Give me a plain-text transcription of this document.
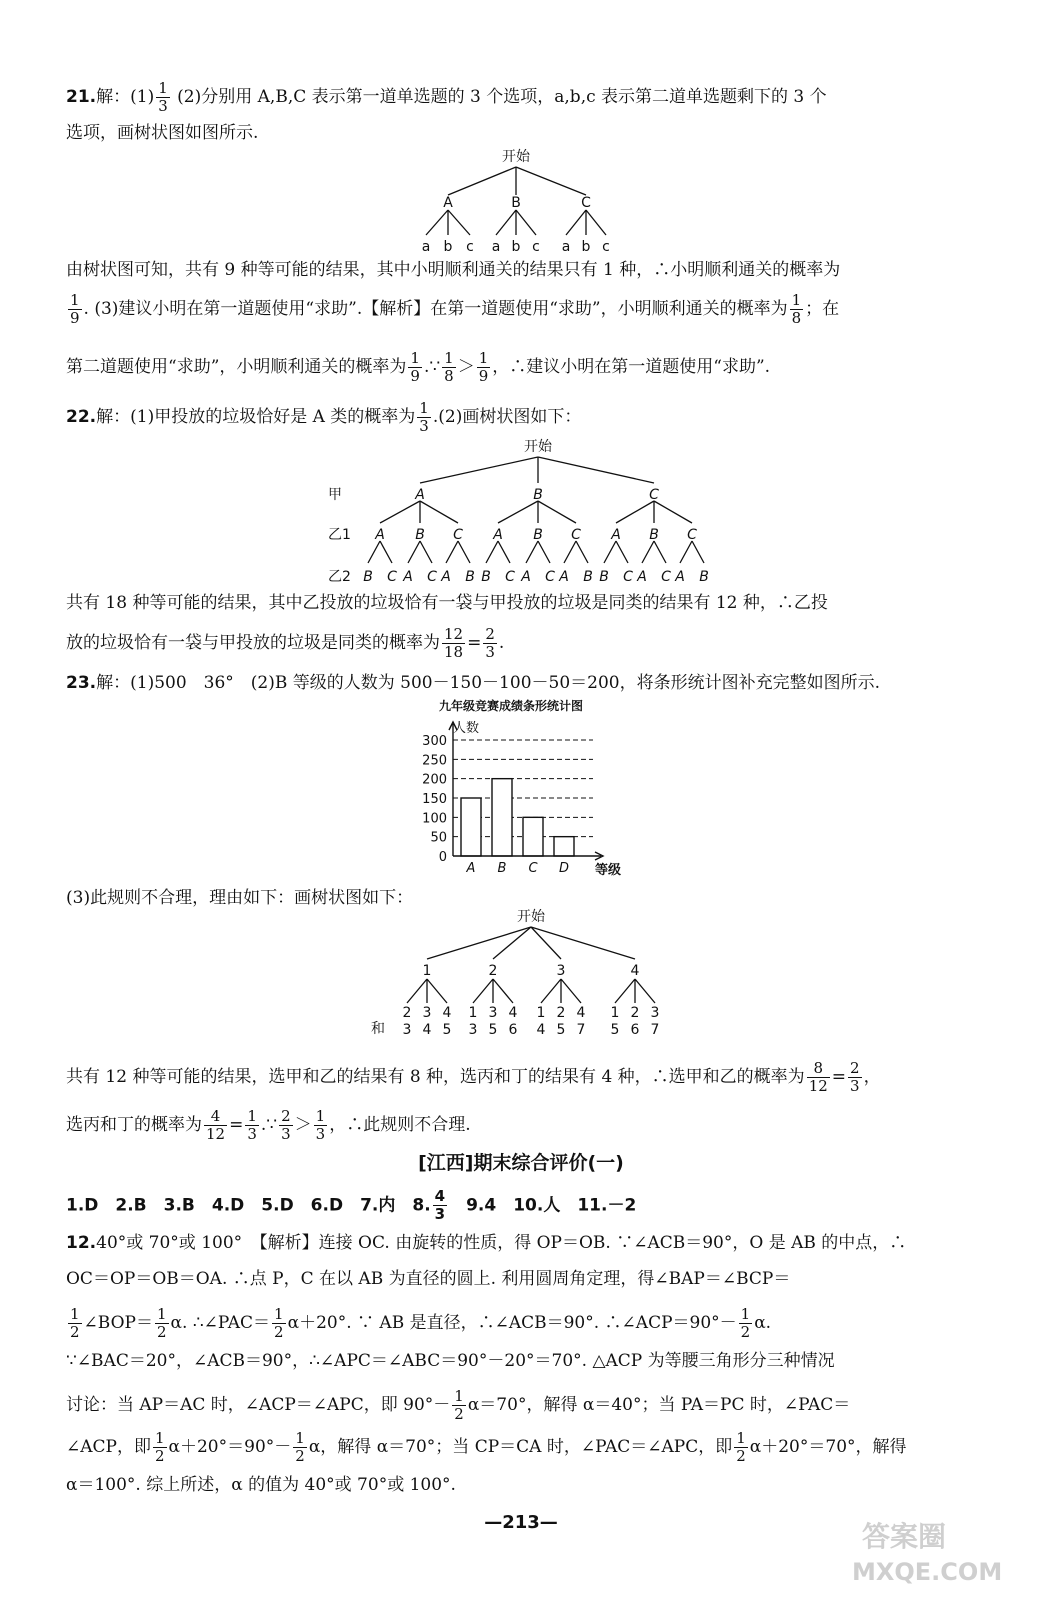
21.解：$(1) \frac{1}{3} (2)$分别用 A,B,C 表示第一道单选题的 3 个选项，a,b,c 表示第二道单选题剩下的 3 个
选项，画树状图如图所示.
开始
A	B	C
a b c a b c a b c
由树状图可知，共有 9 种等可能的结果，其中小明顺利通关的结果只有 1 种，∴小明顺利通关的概率为
$\frac{1}{9}$ . (3)建议小明在第一道题使用“求助”.【解析】在第一道题使用“求助”，小明顺利通关的概率为 $\frac{1}{8}$ ；在
第二道题使用“求助”，小明顺利通关的概率为 $\frac{1}{9}$ .∵ $\frac{1}{8} > \frac{1}{9}$ ，∴建议小明在第一道题使用“求助”.
22.解：(1)甲投放的垃圾恰好是 A 类的概率为 $\frac{1}{3} .(2)$画树状图如下：
开始
甲
乙1
乙2
A	B	C
A B C A B C A B C
B C A C A B B C A C A B B C A C A B
共有 18 种等可能的结果，其中乙投放的垃圾恰有一袋与甲投放的垃圾是同类的结果有 12 种，∴乙投
放的垃圾恰有一袋与甲投放的垃圾是同类的概率为 $\frac{12}{18} = \frac{2}{3}$ .
23.解：(1)500　36°　(2)B 等级的人数为 500－150－100－50＝200，将条形统计图补充完整如图所示.
九年级竞赛成绩条形统计图
人数
等级
0
50
100
150
200
250
300
A B C D
(3)此规则不合理，理由如下：画树状图如下：
开始
1	2	3	4
2 3 4 1 3 4 1 2 4 1 2 3
3 4 5 3 5 6 4 5 7 5 6 7
和
共有 12 种等可能的结果，选甲和乙的结果有 8 种，选丙和丁的结果有 4 种，∴选甲和乙的概率为 $\frac{8}{12} = \frac{2}{3}$ ，
选丙和丁的概率为 $\frac{4}{12} = \frac{1}{3}$ .∵ $\frac{2}{3} > \frac{1}{3}$ ，∴此规则不合理.
[江西]期末综合评价(一)
1.D　2.B　3.B　4.D　5.D　6.D　7.内　8. $\frac{4}{3}$
　 9.4　10.人　11.－2
12.40°或 70°或 100°　【解析】连接 OC. 由旋转的性质，得 OP＝OB. ∵∠ACB＝90°，O 是 AB 的中点，∴
OC＝OP＝OB＝OA. ∴点 P，C 在以 AB 为直径的圆上. 利用圆周角定理，得∠BAP＝∠BCP＝
$\frac{1}{2}$ ∠BOP＝ $\frac{1}{2} \alpha$. ∴∠PAC＝ $\frac{1}{2} \alpha+20^\circ$. ∵ AB 是直径，∴∠ACB＝90°. ∴∠ACP＝90°－ $\frac{1}{2} \alpha$.
∵∠BAC＝20°，∠ACB＝90°，∴∠APC＝∠ABC＝90°－20°＝70°. △ACP 为等腰三角形分三种情况
讨论：当 AP＝AC 时，∠ACP＝∠APC，即 $90^\circ- \frac{1}{2} \alpha=70^\circ$，解得 α＝40°；当 PA＝PC 时，∠PAC＝
∠ACP，即 $\frac{1}{2} \alpha+20^\circ=90^\circ- \frac{1}{2}$ α，解得 α＝70°；当 CP＝CA 时，∠PAC＝∠APC，即 $\frac{1}{2} \alpha+20^\circ=70^\circ$，解得
α＝100°. 综上所述，α 的值为 40°或 70°或 100°.
—213—	答案圈
MXQE.COM
